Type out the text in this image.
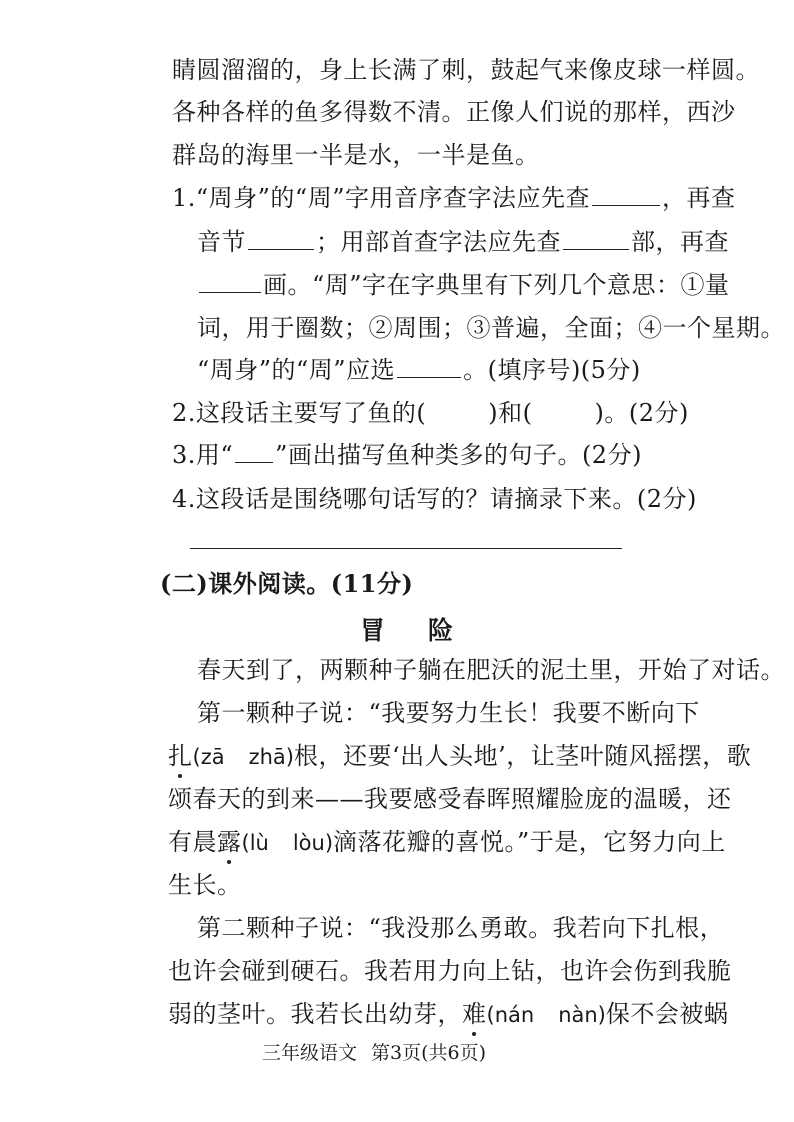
睛圆溜溜的，身上长满了刺，鼓起气来像皮球一样圆。
各种各样的鱼多得数不清。正像人们说的那样，西沙
群岛的海里一半是水，一半是鱼。
1.“周身”的“周”字用音序查字法应先查	，再查
音节	；用部首查字法应先查	部，再查
画。“周”字在字典里有下列几个意思：①量
词，用于圈数；②周围；③普遍，全面；④一个星期。
“周身”的“周”应选	。(填序号)(5分)
2.这段话主要写了鱼的(	)和(	)。(2分)
3.用“ ”画出描写鱼种类多的句子。(2分)
4.这段话是围绕哪句话写的？请摘录下来。(2分)
(二)课外阅读。(11分)
冒 险
春天到了，两颗种子躺在肥沃的泥土里，开始了对话。
第一颗种子说：“我要努力生长！我要不断向下
扎(zā zhā)根，还要‘出人头地’，让茎叶随风摇摆，歌
颂春天的到来——我要感受春晖照耀脸庞的温暖，还
有晨露(lù lòu)滴落花瓣的喜悦。”于是，它努力向上
生长。
第二颗种子说：“我没那么勇敢。我若向下扎根，
也许会碰到硬石。我若用力向上钻，也许会伤到我脆
弱的茎叶。我若长出幼芽，难(nán nàn)保不会被蜗
三年级语文 第3页(共6页)
